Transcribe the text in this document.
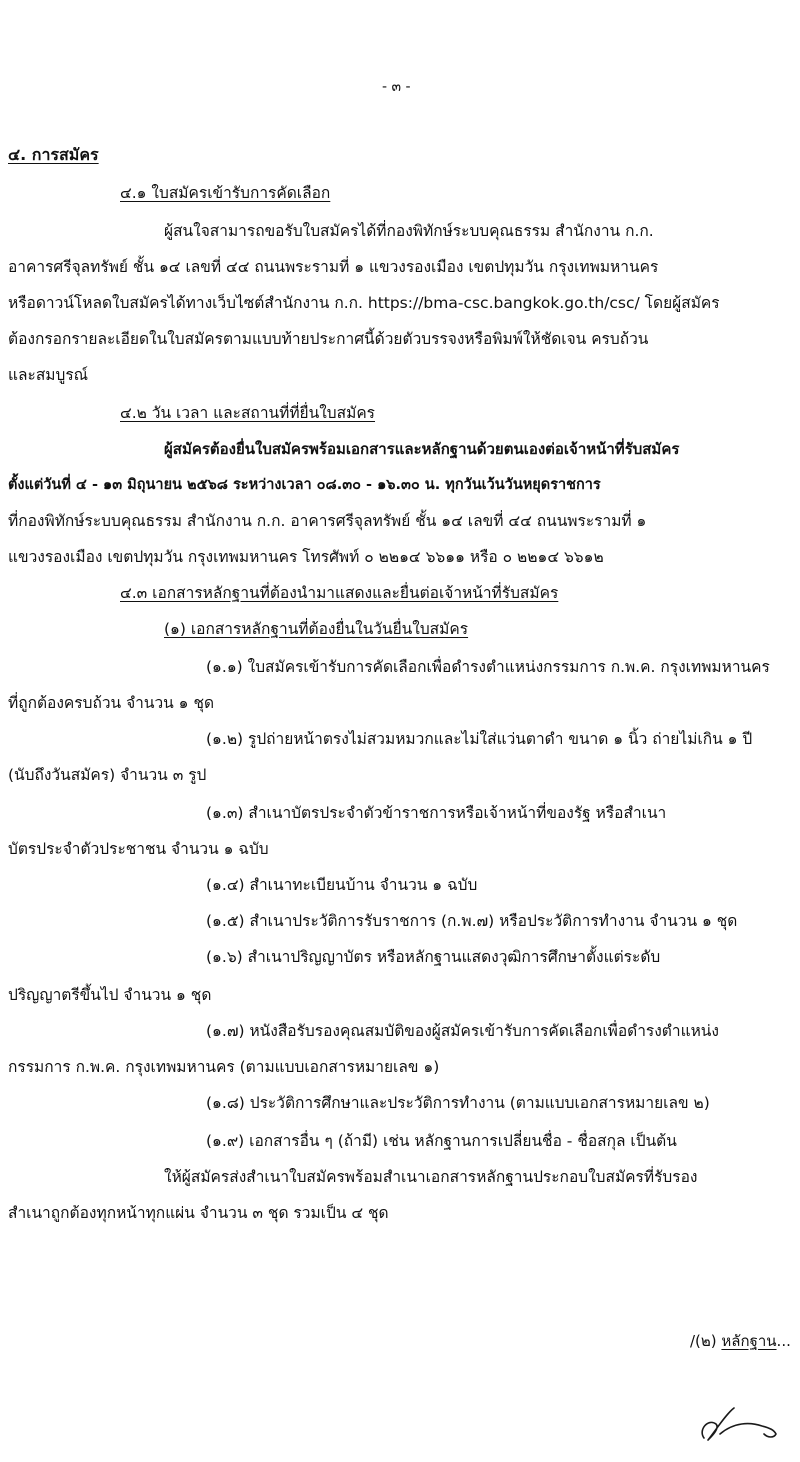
- ๓ -
๔. การสมัคร
๔.๑ ใบสมัครเข้ารับการคัดเลือก
ผู้สนใจสามารถขอรับใบสมัครได้ที่กองพิทักษ์ระบบคุณธรรม สำนักงาน ก.ก.
อาคารศรีจุลทรัพย์ ชั้น ๑๔ เลขที่ ๔๔ ถนนพระรามที่ ๑ แขวงรองเมือง เขตปทุมวัน กรุงเทพมหานคร
หรือดาวน์โหลดใบสมัครได้ทางเว็บไซต์สำนักงาน ก.ก. https://bma-csc.bangkok.go.th/csc/ โดยผู้สมัคร
ต้องกรอกรายละเอียดในใบสมัครตามแบบท้ายประกาศนี้ด้วยตัวบรรจงหรือพิมพ์ให้ชัดเจน ครบถ้วน
และสมบูรณ์
๔.๒ วัน เวลา และสถานที่ที่ยื่นใบสมัคร
ผู้สมัครต้องยื่นใบสมัครพร้อมเอกสารและหลักฐานด้วยตนเองต่อเจ้าหน้าที่รับสมัคร
ตั้งแต่วันที่ ๔ - ๑๓ มิถุนายน ๒๕๖๘ ระหว่างเวลา ๐๘.๓๐ - ๑๖.๓๐ น. ทุกวันเว้นวันหยุดราชการ
ที่กองพิทักษ์ระบบคุณธรรม สำนักงาน ก.ก. อาคารศรีจุลทรัพย์ ชั้น ๑๔ เลขที่ ๔๔ ถนนพระรามที่ ๑
แขวงรองเมือง เขตปทุมวัน กรุงเทพมหานคร โทรศัพท์ ๐ ๒๒๑๔ ๖๖๑๑ หรือ ๐ ๒๒๑๔ ๖๖๑๒
๔.๓ เอกสารหลักฐานที่ต้องนำมาแสดงและยื่นต่อเจ้าหน้าที่รับสมัคร
(๑) เอกสารหลักฐานที่ต้องยื่นในวันยื่นใบสมัคร
(๑.๑) ใบสมัครเข้ารับการคัดเลือกเพื่อดำรงตำแหน่งกรรมการ ก.พ.ค. กรุงเทพมหานคร
ที่ถูกต้องครบถ้วน จำนวน ๑ ชุด
(๑.๒) รูปถ่ายหน้าตรงไม่สวมหมวกและไม่ใส่แว่นตาดำ ขนาด ๑ นิ้ว ถ่ายไม่เกิน ๑ ปี
(นับถึงวันสมัคร) จำนวน ๓ รูป
(๑.๓) สำเนาบัตรประจำตัวข้าราชการหรือเจ้าหน้าที่ของรัฐ หรือสำเนา
บัตรประจำตัวประชาชน จำนวน ๑ ฉบับ
(๑.๔) สำเนาทะเบียนบ้าน จำนวน ๑ ฉบับ
(๑.๕) สำเนาประวัติการรับราชการ (ก.พ.๗) หรือประวัติการทำงาน จำนวน ๑ ชุด
(๑.๖) สำเนาปริญญาบัตร หรือหลักฐานแสดงวุฒิการศึกษาตั้งแต่ระดับ
ปริญญาตรีขึ้นไป จำนวน ๑ ชุด
(๑.๗) หนังสือรับรองคุณสมบัติของผู้สมัครเข้ารับการคัดเลือกเพื่อดำรงตำแหน่ง
กรรมการ ก.พ.ค. กรุงเทพมหานคร (ตามแบบเอกสารหมายเลข ๑)
(๑.๘) ประวัติการศึกษาและประวัติการทำงาน (ตามแบบเอกสารหมายเลข ๒)
(๑.๙) เอกสารอื่น ๆ (ถ้ามี) เช่น หลักฐานการเปลี่ยนชื่อ - ชื่อสกุล เป็นต้น
ให้ผู้สมัครส่งสำเนาใบสมัครพร้อมสำเนาเอกสารหลักฐานประกอบใบสมัครที่รับรอง
สำเนาถูกต้องทุกหน้าทุกแผ่น จำนวน ๓ ชุด รวมเป็น ๔ ชุด
/(๒) หลักฐาน...
